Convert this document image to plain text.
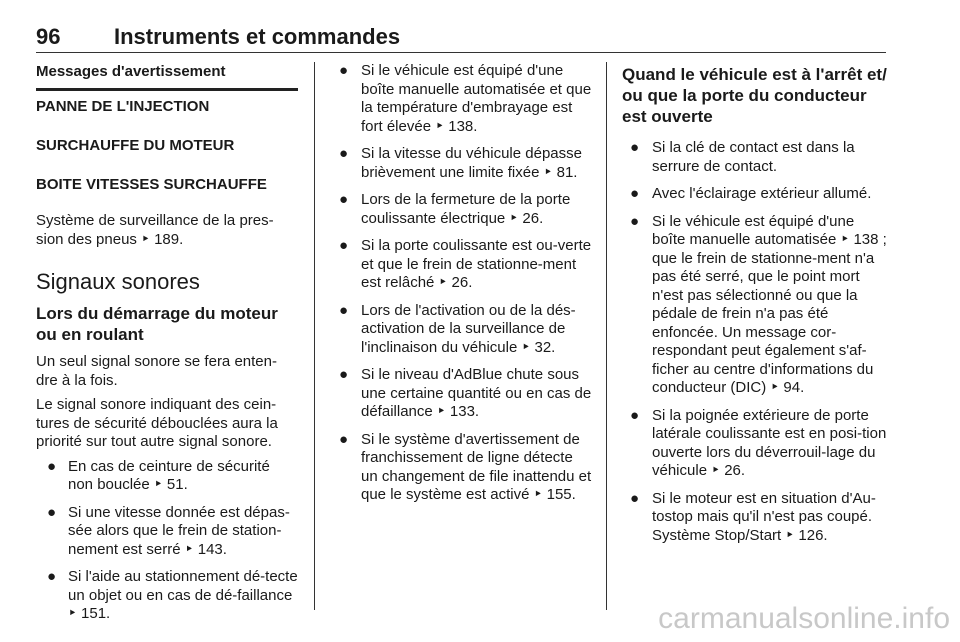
96 Instruments et commandes
Messages d'avertissement
PANNE DE L'INJECTION
SURCHAUFFE DU MOTEUR
BOITE VITESSES SURCHAUFFE

Système de surveillance de la pres-sion des pneus ‣ 189.

Signaux sonores
Lors du démarrage du moteur ou en roulant

Un seul signal sonore se fera enten-dre à la fois.

Le signal sonore indiquant des cein-tures de sécurité débouclées aura la priorité sur tout autre signal sonore.

● En cas de ceinture de sécurité non bouclée ‣ 51.
● Si une vitesse donnée est dépas-sée alors que le frein de station-nement est serré ‣ 143.
● Si l'aide au stationnement dé-tecte un objet ou en cas de dé-faillance ‣ 151.
● Si le véhicule est équipé d'une boîte manuelle automatisée et que la température d'embrayage est fort élevée ‣ 138.
● Si la vitesse du véhicule dépasse brièvement une limite fixée ‣ 81.
● Lors de la fermeture de la porte coulissante électrique ‣ 26.
● Si la porte coulissante est ou-verte et que le frein de stationne-ment est relâché ‣ 26.
● Lors de l'activation ou de la dés-activation de la surveillance de l'inclinaison du véhicule ‣ 32.
● Si le niveau d'AdBlue chute sous une certaine quantité ou en cas de défaillance ‣ 133.
● Si le système d'avertissement de franchissement de ligne détecte un changement de file inattendu et que le système est activé ‣ 155.
Quand le véhicule est à l'arrêt et/ ou que la porte du conducteur est ouverte
● Si la clé de contact est dans la serrure de contact.
● Avec l'éclairage extérieur allumé.
● Si le véhicule est équipé d'une boîte manuelle automatisée ‣ 138 ; que le frein de stationne-ment n'a pas été serré, que le point mort n'est pas sélectionné ou que la pédale de frein n'a pas été enfoncée. Un message cor-respondant peut également s'af-ficher au centre d'informations du conducteur (DIC) ‣ 94.
● Si la poignée extérieure de porte latérale coulissante est en posi-tion ouverte lors du déverrouil-lage du véhicule ‣ 26.
● Si le moteur est en situation d'Au-tostop mais qu'il n'est pas coupé. Système Stop/Start ‣ 126.
carmanualsonline.info
